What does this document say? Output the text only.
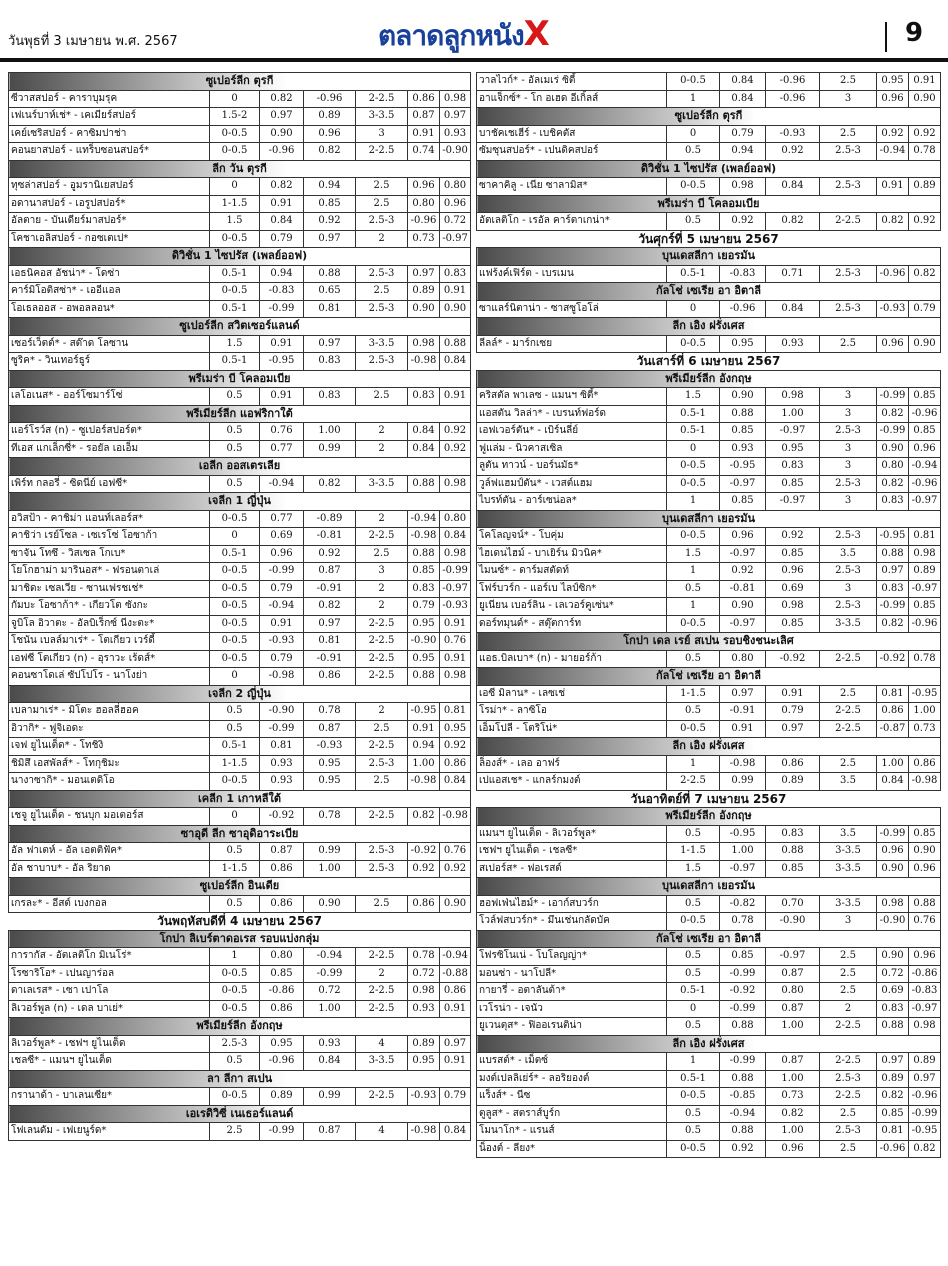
วันพุธที่ 3 เมษายน พ.ศ. 2567	ตลาดลูกหนังX	9
ซูเปอร์ลีก ตุรกี						
ซีวาสสปอร์ - คาราบุมรุค	0	0.82	-0.96	2-2.5	0.86	0.98
เฟเนร์บาห์เช่* - เคเมียร์สปอร์	1.5-2	0.97	0.89	3-3.5	0.87	0.97
เคย์เซริสปอร์ - คาซิมปาช่า	0-0.5	0.90	0.96	3	0.91	0.93
คอนยาสปอร์ - แทร็บซอนสปอร์*	0-0.5	-0.96	0.82	2-2.5	0.74	-0.90
ลีก วัน ตุรกี						
ทุซล่าสปอร์ - อูมรานิเยสปอร์	0	0.82	0.94	2.5	0.96	0.80
อดานาสปอร์ - เอรูปสปอร์*	1-1.5	0.91	0.85	2.5	0.80	0.96
อัลตาย - บันเดียร์มาสปอร์*	1.5	0.84	0.92	2.5-3	-0.96	0.72
โคชาเอลิสปอร์ - กอซเตเป*	0-0.5	0.79	0.97	2	0.73	-0.97
ดิวิชั่น 1 ไซปรัส (เพลย์ออฟ)						
เอธนิคอส อัชน่า* - โดซ่า	0.5-1	0.94	0.88	2.5-3	0.97	0.83
คาร์มิโอติสซ่า* - เออีแอล	0-0.5	-0.83	0.65	2.5	0.89	0.91
โอเธลออส - อพอลลอน*	0.5-1	-0.99	0.81	2.5-3	0.90	0.90
ซูเปอร์ลีก สวิตเซอร์แลนด์						
เซอร์เว็ตต์* - สต๊าด โลซาน	1.5	0.91	0.97	3-3.5	0.98	0.88
ซูริค* - วินเทอร์ธูร์	0.5-1	-0.95	0.83	2.5-3	-0.98	0.84
พรีเมร่า บี โคลอมเบีย						
เลโอเนส* - ออร์โซมาร์โซ่	0.5	0.91	0.83	2.5	0.83	0.91
พรีเมียร์ลีก แอฟริกาใต้						
แอร์โรว์ส (n) - ซูเปอร์สปอร์ต*	0.5	0.76	1.00	2	0.84	0.92
ทีเอส แกเล็กซี่* - รอยัล เอเอ็ม	0.5	0.77	0.99	2	0.84	0.92
เอลีก ออสเตรเลีย						
เพิร์ท กลอรี่ - ซิดนีย์ เอฟซี*	0.5	-0.94	0.82	3-3.5	0.88	0.98
เจลีก 1 ญี่ปุ่น						
อวิสป้า - คาชิม่า แอนท์เลอร์ส*	0-0.5	0.77	-0.89	2	-0.94	0.80
คาชิว่า เรย์โซล - เซเรโซ่ โอซาก้า	0	0.69	-0.81	2-2.5	-0.98	0.84
ซาจัน โทซึ - วิสเซล โกเบ*	0.5-1	0.96	0.92	2.5	0.88	0.98
โยโกฮาม่า มารินอส* - ฟรอนตาเล่	0-0.5	-0.99	0.87	3	0.85	-0.99
มาชิดะ เซลเวีย - ซานเฟรชเช่*	0-0.5	0.79	-0.91	2	0.83	-0.97
กัมบะ โอซาก้า* - เกียวโต ซังกะ	0-0.5	-0.94	0.82	2	0.79	-0.93
จูบิโล อิวาตะ - อัลบิเร็กซ์ นีงะตะ*	0-0.5	0.91	0.97	2-2.5	0.95	0.91
โชนัน เบลล์มาเร่* - โตเกียว เวร์ดี้	0-0.5	-0.93	0.81	2-2.5	-0.90	0.76
เอฟซี โตเกียว (n) - อุราวะ เร้ดส์*	0-0.5	0.79	-0.91	2-2.5	0.95	0.91
คอนซาโดเล่ ซัปโปโร - นาโงย่า	0	-0.98	0.86	2-2.5	0.88	0.98
เจลีก 2 ญี่ปุ่น						
เบลามาเร่* - มิโตะ ฮอลลี่ฮอค	0.5	-0.90	0.78	2	-0.95	0.81
อิวากิ* - ฟูจิเอดะ	0.5	-0.99	0.87	2.5	0.91	0.95
เจฟ ยูไนเต็ด* - โทชิงิ	0.5-1	0.81	-0.93	2-2.5	0.94	0.92
ชิมิสึ เอสพัลส์* - โทกุชิมะ	1-1.5	0.93	0.95	2.5-3	1.00	0.86
นางาซากิ* - มอนเตดิโอ	0-0.5	0.93	0.95	2.5	-0.98	0.84
เคลีก 1 เกาหลีใต้						
เชจู ยูไนเต็ด - ชนบุก มอเตอร์ส	0	-0.92	0.78	2-2.5	0.82	-0.98
ซาอุดี ลีก ซาอุดิอาระเบีย						
อัล ฟาเตห์ - อัล เอตติฟัค*	0.5	0.87	0.99	2.5-3	-0.92	0.76
อัล ชาบาบ* - อัล ริยาด	1-1.5	0.86	1.00	2.5-3	0.92	0.92
ซูเปอร์ลีก อินเดีย						
เกรละ* - อีสต์ เบงกอล	0.5	0.86	0.90	2.5	0.86	0.90
วันพฤหัสบดีที่ 4 เมษายน 2567						
โกปา ลิเบร์ตาดอเรส รอบแบ่งกลุ่ม						
การากัส - อัตเลติโก มิเนโร่*	1	0.80	-0.94	2-2.5	0.78	-0.94
โรซาริโอ* - เปนญาร่อล	0-0.5	0.85	-0.99	2	0.72	-0.88
ดาเลเรส* - เซา เปาโล	0-0.5	-0.86	0.72	2-2.5	0.98	0.86
ลิเวอร์พูล (n) - เดล บาเย่*	0-0.5	0.86	1.00	2-2.5	0.93	0.91
พรีเมียร์ลีก อังกฤษ						
ลิเวอร์พูล* - เชฟฯ ยูไนเต็ด	2.5-3	0.95	0.93	4	0.89	0.97
เชลซี* - แมนฯ ยูไนเต็ด	0.5	-0.96	0.84	3-3.5	0.95	0.91
ลา ลีกา สเปน						
กรานาด้า - บาเลนเซีย*	0-0.5	0.89	0.99	2-2.5	-0.93	0.79
เอเรดิวิซี่ เนเธอร์แลนด์						
โฟเลนดัม - เฟเยนูร์ด*	2.5	-0.99	0.87	4	-0.98	0.84
วาลไวก์* - อัลเมเร่ ซิตี้	0-0.5	0.84	-0.96	2.5	0.95	0.91
อาแจ็กซ์* - โก อเฮด อีเกิ้ลส์	1	0.84	-0.96	3	0.96	0.90
ซูเปอร์ลีก ตุรกี						
บาชัคเชเฮีร์ - เบชิคตัส	0	0.79	-0.93	2.5	0.92	0.92
ซัมซุนสปอร์* - เปนดิคสปอร์	0.5	0.94	0.92	2.5-3	-0.94	0.78
ดิวิชั่น 1 ไซปรัส (เพลย์ออฟ)						
ซาคาคิลู - เนีย ซาลามิส*	0-0.5	0.98	0.84	2.5-3	0.91	0.89
พรีเมร่า บี โคลอมเบีย						
อัตเลติโก - เรอัล คาร์ตาเกน่า*	0.5	0.92	0.82	2-2.5	0.82	0.92
วันศุกร์ที่ 5 เมษายน 2567						
บุนเดสลีกา เยอรมัน						
แฟร้งค์เฟิร์ต - เบรเมน	0.5-1	-0.83	0.71	2.5-3	-0.96	0.82
กัลโช่ เซเรีย อา อิตาลี						
ซาแลร์นิตาน่า - ซาสซูโอโล่	0	-0.96	0.84	2.5-3	-0.93	0.79
ลีก เอิง ฝรั่งเศส						
ลีลล์* - มาร์กเซย	0-0.5	0.95	0.93	2.5	0.96	0.90
วันเสาร์ที่ 6 เมษายน 2567						
พรีเมียร์ลีก อังกฤษ						
คริสตัล พาเลซ - แมนฯ ซิตี้*	1.5	0.90	0.98	3	-0.99	0.85
แอสตัน วิลล่า* - เบรนท์ฟอร์ด	0.5-1	0.88	1.00	3	0.82	-0.96
เอฟเวอร์ตัน* - เบิร์นลี่ย์	0.5-1	0.85	-0.97	2.5-3	-0.99	0.85
ฟูแล่ม - นิวคาสเซิล	0	0.93	0.95	3	0.90	0.96
ลูตัน ทาวน์ - บอร์นมัธ*	0-0.5	-0.95	0.83	3	0.80	-0.94
วูล์ฟแฮมป์ตัน* - เวสต์แฮม	0-0.5	-0.97	0.85	2.5-3	0.82	-0.96
ไบรท์ตัน - อาร์เซน่อล*	1	0.85	-0.97	3	0.83	-0.97
บุนเดสลีกา เยอรมัน						
โคโลญจน์* - โบคุ่ม	0-0.5	0.96	0.92	2.5-3	-0.95	0.81
ไฮเดนไฮม์ - บาเยิร์น มิวนิค*	1.5	-0.97	0.85	3.5	0.88	0.98
ไมนซ์* - ดาร์มสตัดท์	1	0.92	0.96	2.5-3	0.97	0.89
โฟร์บวร์ก - แอร์เบ ไลป์ซิก*	0.5	-0.81	0.69	3	0.83	-0.97
ยูเนียน เบอร์ลิน - เลเวอร์คูเซ่น*	1	0.90	0.98	2.5-3	-0.99	0.85
ดอร์ทมุนด์* - สตุ๊ตการ์ท	0-0.5	-0.97	0.85	3-3.5	0.82	-0.96
โกปา เดล เรย์ สเปน รอบชิงชนะเลิศ						
แอธ.บิลเบา* (n) - มายอร์ก้า	0.5	0.80	-0.92	2-2.5	-0.92	0.78
กัลโช่ เซเรีย อา อิตาลี						
เอซี มิลาน* - เลซเช่	1-1.5	0.97	0.91	2.5	0.81	-0.95
โรม่า* - ลาซิโอ	0.5	-0.91	0.79	2-2.5	0.86	1.00
เอ็มโปลี - โตริโน่*	0-0.5	0.91	0.97	2-2.5	-0.87	0.73
ลีก เอิง ฝรั่งเศส						
ล็องส์* - เลอ อาฟร์	1	-0.98	0.86	2.5	1.00	0.86
เปแอสเช* - แกลร์กมงต์	2-2.5	0.99	0.89	3.5	0.84	-0.98
วันอาทิตย์ที่ 7 เมษายน 2567						
พรีเมียร์ลีก อังกฤษ						
แมนฯ ยูไนเต็ด - ลิเวอร์พูล*	0.5	-0.95	0.83	3.5	-0.99	0.85
เชฟฯ ยูไนเต็ด - เชลซี*	1-1.5	1.00	0.88	3-3.5	0.96	0.90
สเปอร์ส* - ฟอเรสต์	1.5	-0.97	0.85	3-3.5	0.90	0.96
บุนเดสลีกา เยอรมัน						
ฮอฟเฟ่นไฮม์* - เอาก์สบวร์ก	0.5	-0.82	0.70	3-3.5	0.98	0.88
โวล์ฟสบวร์ก* - มึนเช่นกลัดบัค	0-0.5	0.78	-0.90	3	-0.90	0.76
กัลโช่ เซเรีย อา อิตาลี						
โฟรซิโนเน่ - โบโลญญ่า*	0.5	0.85	-0.97	2.5	0.90	0.96
มอนซ่า - นาโปลี*	0.5	-0.99	0.87	2.5	0.72	-0.86
กายารี่ - อตาลันต้า*	0.5-1	-0.92	0.80	2.5	0.69	-0.83
เวโรน่า - เจนัว	0	-0.99	0.87	2	0.83	-0.97
ยูเวนตุส* - ฟิออเรนติน่า	0.5	0.88	1.00	2-2.5	0.88	0.98
ลีก เอิง ฝรั่งเศส						
แบรสต์* - เม็ตซ์	1	-0.99	0.87	2-2.5	0.97	0.89
มงต์เปลลิเย่ร์* - ลอริยองต์	0.5-1	0.88	1.00	2.5-3	0.89	0.97
แร็งส์* - นีซ	0-0.5	-0.85	0.73	2-2.5	0.82	-0.96
ตูลูส* - สตราส์บูร์ก	0.5	-0.94	0.82	2.5	0.85	-0.99
โมนาโก* - แรนส์	0.5	0.88	1.00	2.5-3	0.81	-0.95
น็องต์ - ลียง*	0-0.5	0.92	0.96	2.5	-0.96	0.82
